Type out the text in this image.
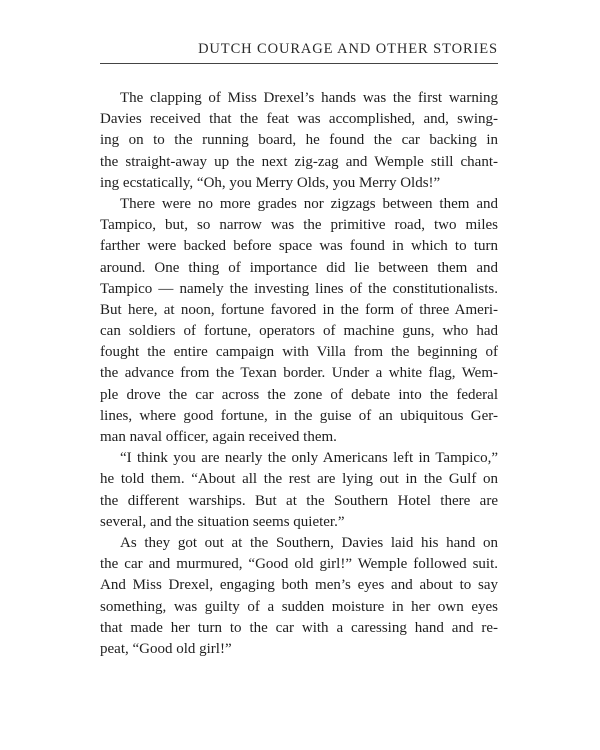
DUTCH COURAGE AND OTHER STORIES
The clapping of Miss Drexel’s hands was the first warning
Davies received that the feat was accomplished, and, swing-
ing on to the running board, he found the car backing in
the straight-away up the next zig-zag and Wemple still chant-
ing ecstatically, “Oh, you Merry Olds, you Merry Olds!”
There were no more grades nor zigzags between them and
Tampico, but, so narrow was the primitive road, two miles
farther were backed before space was found in which to turn
around. One thing of importance did lie between them and
Tampico — namely the investing lines of the constitutionalists.
But here, at noon, fortune favored in the form of three Ameri-
can soldiers of fortune, operators of machine guns, who had
fought the entire campaign with Villa from the beginning of
the advance from the Texan border. Under a white flag, Wem-
ple drove the car across the zone of debate into the federal
lines, where good fortune, in the guise of an ubiquitous Ger-
man naval officer, again received them.
“I think you are nearly the only Americans left in Tampico,”
he told them. “About all the rest are lying out in the Gulf on
the different warships. But at the Southern Hotel there are
several, and the situation seems quieter.”
As they got out at the Southern, Davies laid his hand on
the car and murmured, “Good old girl!” Wemple followed suit.
And Miss Drexel, engaging both men’s eyes and about to say
something, was guilty of a sudden moisture in her own eyes
that made her turn to the car with a caressing hand and re-
peat, “Good old girl!”
